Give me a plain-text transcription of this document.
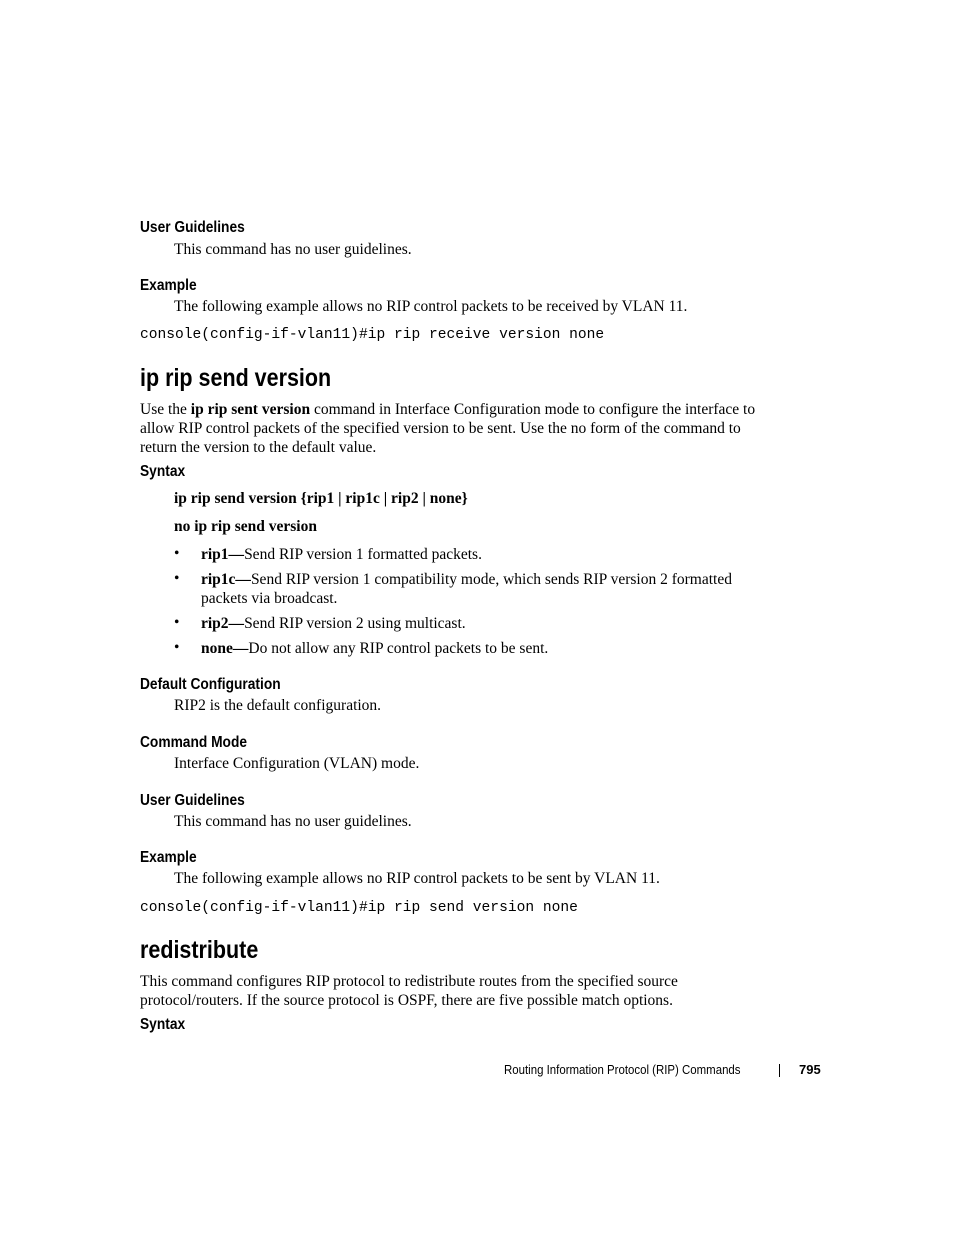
User Guidelines
This command has no user guidelines.
Example
The following example allows no RIP control packets to be received by VLAN 11.
console(config-if-vlan11)#ip rip receive version none
ip rip send version
Use the ip rip sent version command in Interface Configuration mode to configure the interface to
allow RIP control packets of the specified version to be sent. Use the no form of the command to
return the version to the default value.
Syntax
ip rip send version {rip1 | rip1c | rip2 | none}
no ip rip send version
• rip1—Send RIP version 1 formatted packets.
• rip1c—Send RIP version 1 compatibility mode, which sends RIP version 2 formatted
packets via broadcast.
• rip2—Send RIP version 2 using multicast.
• none—Do not allow any RIP control packets to be sent.
Default Configuration
RIP2 is the default configuration.
Command Mode
Interface Configuration (VLAN) mode.
User Guidelines
This command has no user guidelines.
Example
The following example allows no RIP control packets to be sent by VLAN 11.
console(config-if-vlan11)#ip rip send version none
redistribute
This command configures RIP protocol to redistribute routes from the specified source
protocol/routers. If the source protocol is OSPF, there are five possible match options.
Syntax
Routing Information Protocol (RIP) Commands	795
